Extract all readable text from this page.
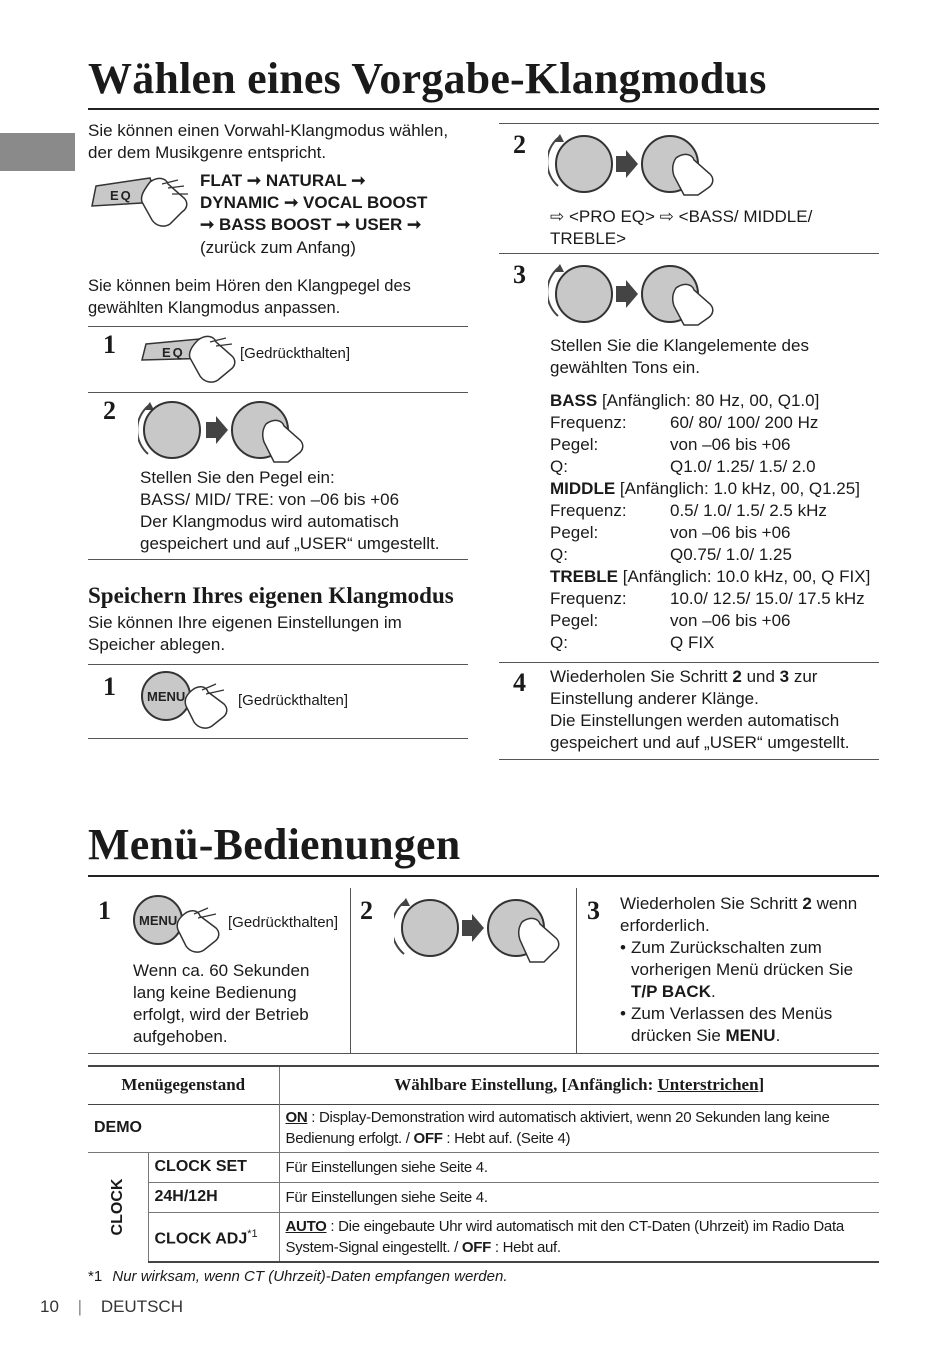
Wählen eines Vorgabe-Klangmodus
Sie können einen Vorwahl-Klangmodus wählen,
der dem Musikgenre entspricht.
EQ
FLAT ➞ NATURAL ➞
DYNAMIC ➞ VOCAL BOOST
➞ BASS BOOST ➞ USER ➞
(zurück zum Anfang)
Sie können beim Hören den Klangpegel des
gewählten Klangmodus anpassen.
1	EQ	[Gedrückthalten]
2
Stellen Sie den Pegel ein:
BASS/ MID/ TRE: von –06 bis +06
Der Klangmodus wird automatisch
gespeichert und auf „USER“ umgestellt.
Speichern Ihres eigenen Klangmodus
Sie können Ihre eigenen Einstellungen im
Speicher ablegen.
1 MENU	[Gedrückthalten]
2
⇨ <PRO EQ> ⇨ <BASS/ MIDDLE/
TREBLE>
3
Stellen Sie die Klangelemente des
gewählten Tons ein.
BASS [Anfänglich: 80 Hz, 00, Q1.0]
Frequenz:	60/ 80/ 100/ 200 Hz
Pegel:	von –06 bis +06
Q:	Q1.0/ 1.25/ 1.5/ 2.0
MIDDLE [Anfänglich: 1.0 kHz, 00, Q1.25]
Frequenz:	0.5/ 1.0/ 1.5/ 2.5 kHz
Pegel:	von –06 bis +06
Q:	Q0.75/ 1.0/ 1.25
TREBLE [Anfänglich: 10.0 kHz, 00, Q FIX]
Frequenz:	10.0/ 12.5/ 15.0/ 17.5 kHz
Pegel:	von –06 bis +06
Q:	Q FIX
4 Wiederholen Sie Schritt 2 und 3 zur
Einstellung anderer Klänge.
Die Einstellungen werden automatisch
gespeichert und auf „USER“ umgestellt.
Menü-Bedienungen
1 MENU	[Gedrückthalten]
Wenn ca. 60 Sekunden
lang keine Bedienung
erfolgt, wird der Betrieb
aufgehoben.
2	3 Wiederholen Sie Schritt 2 wenn
erforderlich.
• Zum Zurückschalten zum
vorherigen Menü drücken Sie
T/P BACK.
• Zum Verlassen des Menüs
drücken Sie MENU.
Menügegenstand		Wählbare Einstellung, [Anfänglich: Unterstrichen]
DEMO		ON : Display-Demonstration wird automatisch aktiviert, wenn 20 Sekunden lang keine
Bedienung erfolgt. / OFF : Hebt auf. (Seite 4)

CLOCK	CLOCK SET	Für Einstellungen siehe Seite 4.
	24H/12H	Für Einstellungen siehe Seite 4.
	CLOCK ADJ$^{*1}$	AUTO : Die eingebaute Uhr wird automatisch mit den CT-Daten (Uhrzeit) im Radio Data
System-Signal eingestellt. / OFF : Hebt auf.
*1 Nur wirksam, wenn CT (Uhrzeit)-Daten empfangen werden.
10 | DEUTSCH
